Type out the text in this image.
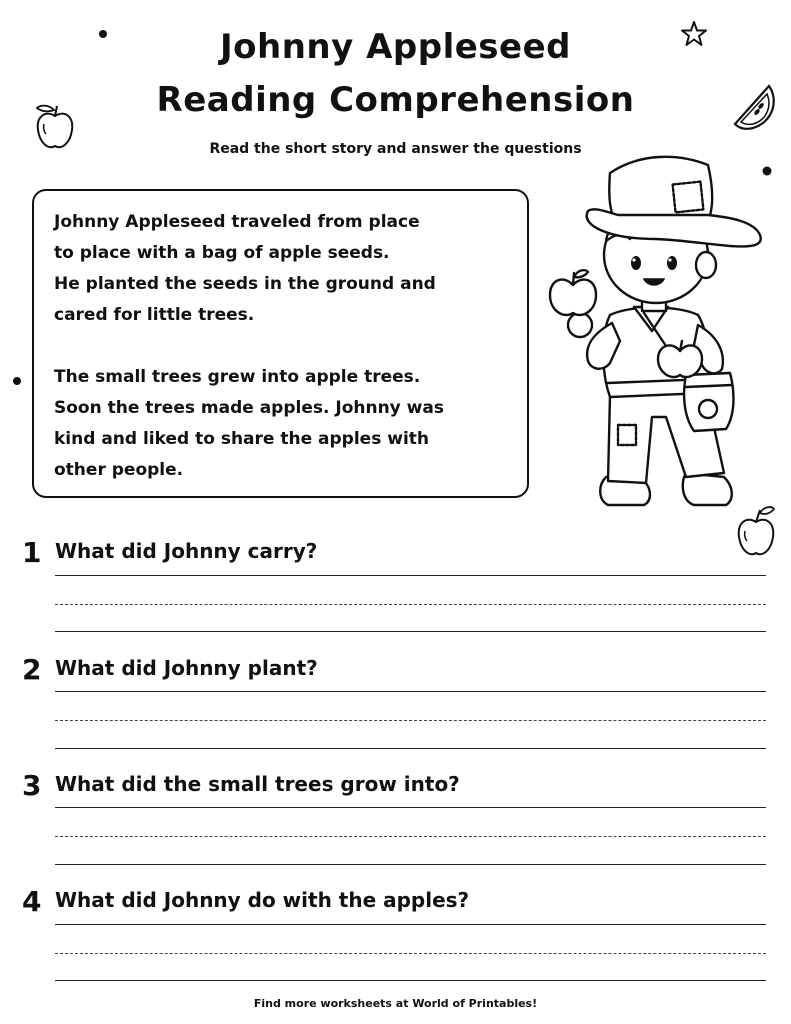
Johnny Appleseed
Reading Comprehension
Read the short story and answer the questions

Johnny Appleseed traveled from place

to place with a bag of apple seeds.

He planted the seeds in the ground and

cared for little trees.

The small trees grew into apple trees.

Soon the trees made apples. Johnny was

kind and liked to share the apples with

other people.

1 What did Johnny carry?
2 What did Johnny plant?
3 What did the small trees grow into?
4 What did Johnny do with the apples?
Find more worksheets at World of Printables!
